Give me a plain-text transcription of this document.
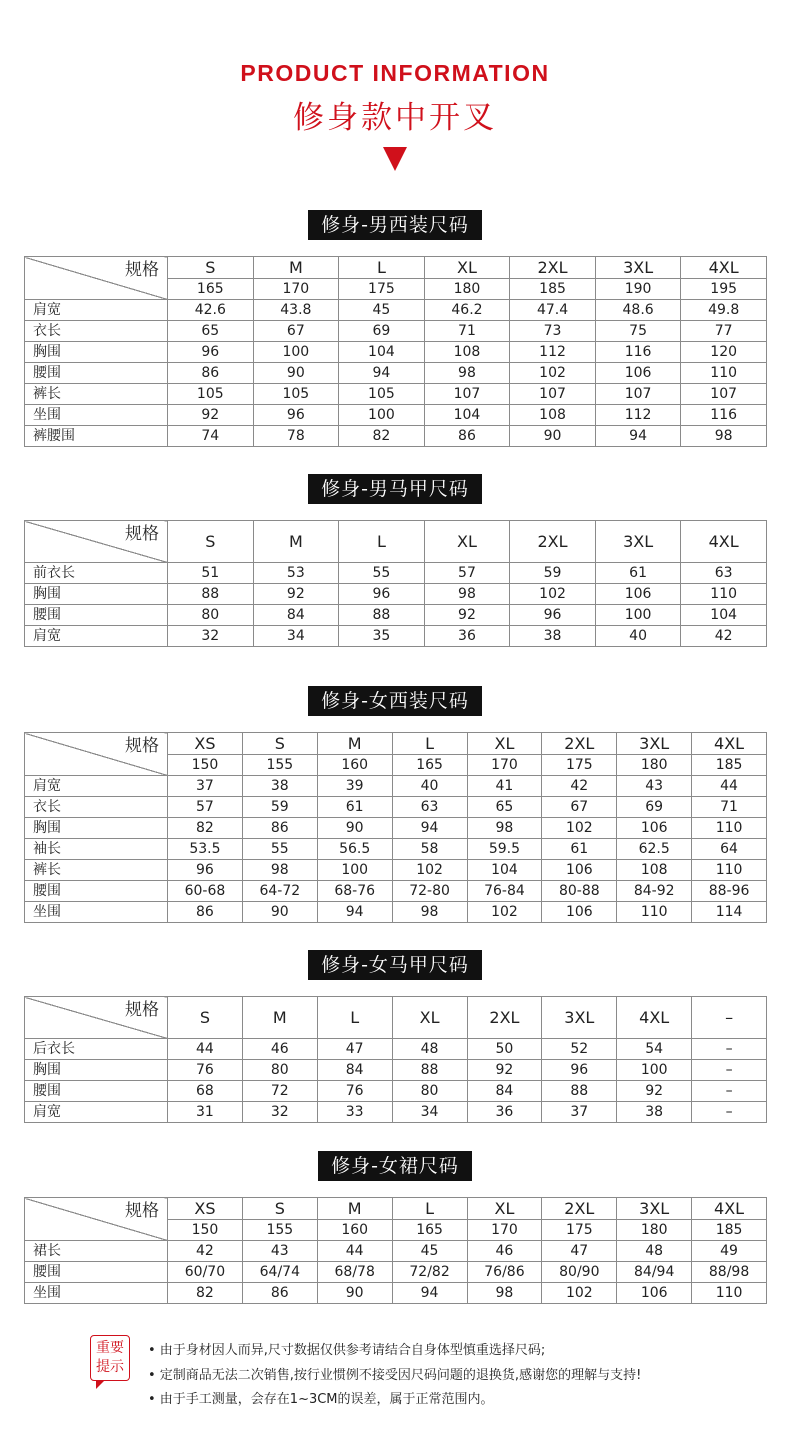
PRODUCT INFORMATION
修身款中开叉
修身-男西装尺码
规格	S	M	L	XL	2XL	3XL	4XL
	165	170	175	180	185	190	195
肩宽	42.6	43.8	45	46.2	47.4	48.6	49.8
衣长	65	67	69	71	73	75	77
胸围	96	100	104	108	112	116	120
腰围	86	90	94	98	102	106	110
裤长	105	105	105	107	107	107	107
坐围	92	96	100	104	108	112	116
裤腰围	74	78	82	86	90	94	98
修身-男马甲尺码
规格	S	M	L	XL	2XL	3XL	4XL
前衣长	51	53	55	57	59	61	63
胸围	88	92	96	98	102	106	110
腰围	80	84	88	92	96	100	104
肩宽	32	34	35	36	38	40	42
修身-女西装尺码
规格	XS	S	M	L	XL	2XL	3XL	4XL
	150	155	160	165	170	175	180	185
肩宽	37	38	39	40	41	42	43	44
衣长	57	59	61	63	65	67	69	71
胸围	82	86	90	94	98	102	106	110
袖长	53.5	55	56.5	58	59.5	61	62.5	64
裤长	96	98	100	102	104	106	108	110
腰围	60-68	64-72	68-76	72-80	76-84	80-88	84-92	88-96
坐围	86	90	94	98	102	106	110	114
修身-女马甲尺码
规格	S	M	L	XL	2XL	3XL	4XL	–
后衣长	44	46	47	48	50	52	54	–
胸围	76	80	84	88	92	96	100	–
腰围	68	72	76	80	84	88	92	–
肩宽	31	32	33	34	36	37	38	–
修身-女裙尺码
规格	XS	S	M	L	XL	2XL	3XL	4XL
	150	155	160	165	170	175	180	185
裙长	42	43	44	45	46	47	48	49
腰围	60/70	64/74	68/78	72/82	76/86	80/90	84/94	88/98
坐围	82	86	90	94	98	102	106	110
重要
提示
• 由于身材因人而异,尺寸数据仅供参考请结合自身体型慎重选择尺码;
• 定制商品无法二次销售,按行业惯例不接受因尺码问题的退换货,感谢您的理解与支持!
• 由于手工测量，会存在1~3CM的误差，属于正常范围内。
